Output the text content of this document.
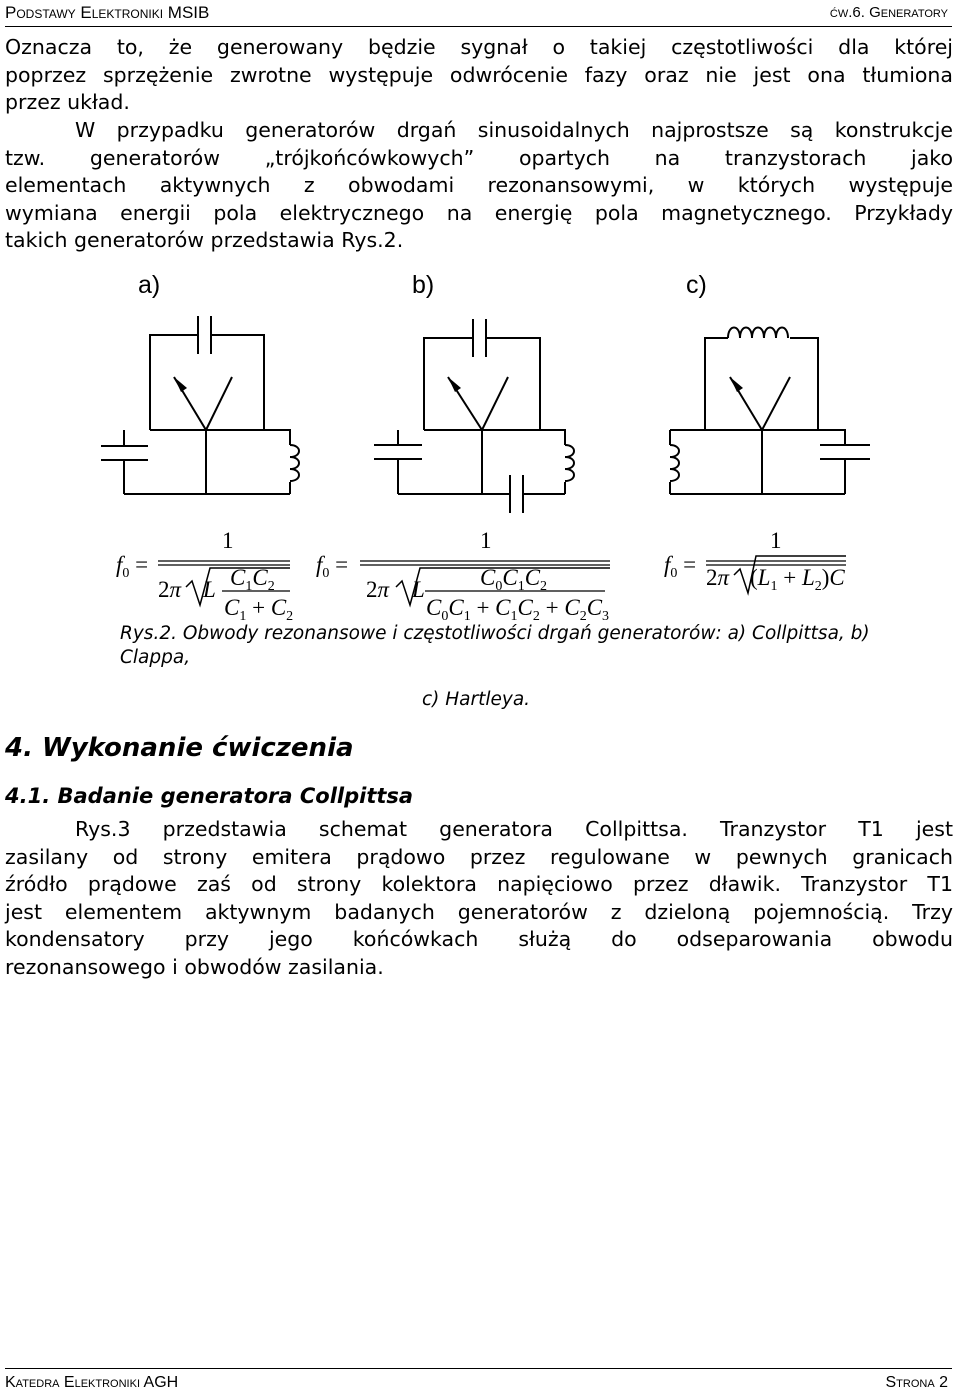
Podstawy Elektroniki MSIB	ćw.6. Generatory
Oznacza to, że generowany będzie sygnał o takiej częstotliwości dla której
poprzez sprzężenie zwrotne występuje odwrócenie fazy oraz nie jest ona tłumiona
przez układ.
W przypadku generatorów drgań sinusoidalnych najprostsze są konstrukcje
tzw. generatorów „trójkońcówkowych” opartych na tranzystorach jako
elementach aktywnych z obwodami rezonansowymi, w których występuje
wymiana energii pola elektrycznego na energię pola magnetycznego. Przykłady
takich generatorów przedstawia Rys.2.
a)	b)	c)
$f_0$ =
1
2π L $C_1C_2$
$C_1 + C_2$
$f_0$ =
1
2π L $C_0C_1C_2$
$C_0C_1 + C_1C_2 + C_2C_3$
$f_0$ =
1
2π $(L_1 + L_2)C$
Rys.2. Obwody rezonansowe i częstotliwości drgań generatorów: a) Collpittsa, b) Clappa,
c) Hartleya.
4. Wykonanie ćwiczenia
4.1. Badanie generatora Collpittsa
Rys.3 przedstawia schemat generatora Collpittsa. Tranzystor T1 jest
zasilany od strony emitera prądowo przez regulowane w pewnych granicach
źródło prądowe zaś od strony kolektora napięciowo przez dławik. Tranzystor T1
jest elementem aktywnym badanych generatorów z dzieloną pojemnością. Trzy
kondensatory przy jego końcówkach służą do odseparowania obwodu
rezonansowego i obwodów zasilania.
Katedra Elektroniki AGH	Strona 2
